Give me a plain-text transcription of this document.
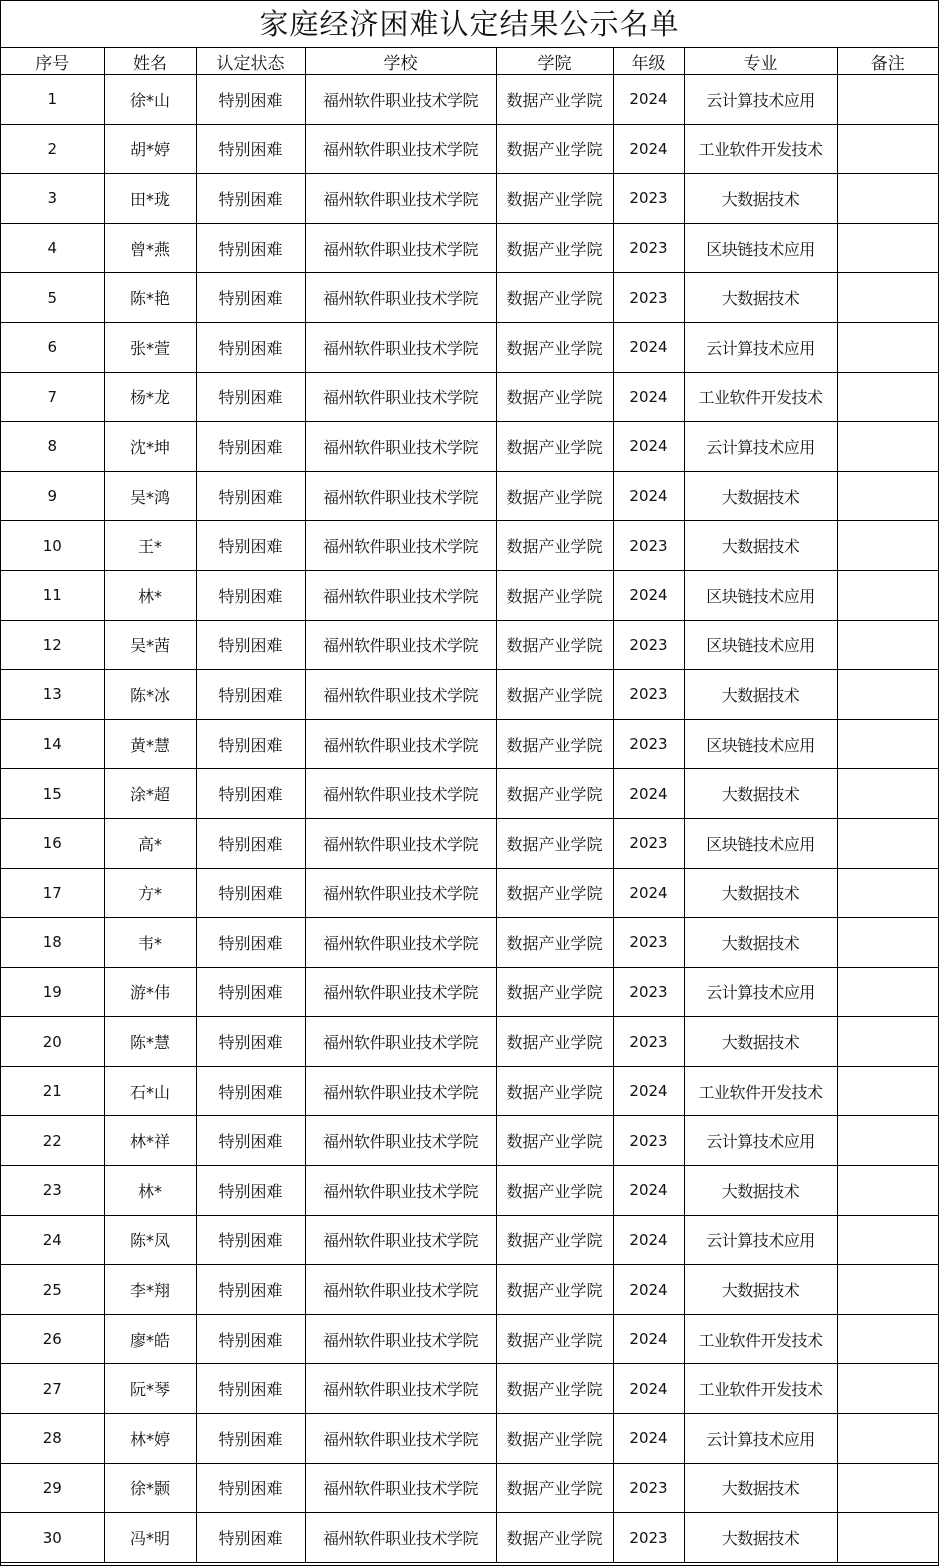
家庭经济困难认定结果公示名单
序号	姓名	认定状态	学校	学院	年级	专业	备注
1	徐*山	特别困难	福州软件职业技术学院	数据产业学院	2024	云计算技术应用	
2	胡*婷	特别困难	福州软件职业技术学院	数据产业学院	2024	工业软件开发技术	
3	田*珑	特别困难	福州软件职业技术学院	数据产业学院	2023	大数据技术	
4	曾*燕	特别困难	福州软件职业技术学院	数据产业学院	2023	区块链技术应用	
5	陈*艳	特别困难	福州软件职业技术学院	数据产业学院	2023	大数据技术	
6	张*萱	特别困难	福州软件职业技术学院	数据产业学院	2024	云计算技术应用	
7	杨*龙	特别困难	福州软件职业技术学院	数据产业学院	2024	工业软件开发技术	
8	沈*坤	特别困难	福州软件职业技术学院	数据产业学院	2024	云计算技术应用	
9	吴*鸿	特别困难	福州软件职业技术学院	数据产业学院	2024	大数据技术	
10	王*	特别困难	福州软件职业技术学院	数据产业学院	2023	大数据技术	
11	林*	特别困难	福州软件职业技术学院	数据产业学院	2024	区块链技术应用	
12	吴*茜	特别困难	福州软件职业技术学院	数据产业学院	2023	区块链技术应用	
13	陈*冰	特别困难	福州软件职业技术学院	数据产业学院	2023	大数据技术	
14	黄*慧	特别困难	福州软件职业技术学院	数据产业学院	2023	区块链技术应用	
15	涂*超	特别困难	福州软件职业技术学院	数据产业学院	2024	大数据技术	
16	高*	特别困难	福州软件职业技术学院	数据产业学院	2023	区块链技术应用	
17	方*	特别困难	福州软件职业技术学院	数据产业学院	2024	大数据技术	
18	韦*	特别困难	福州软件职业技术学院	数据产业学院	2023	大数据技术	
19	游*伟	特别困难	福州软件职业技术学院	数据产业学院	2023	云计算技术应用	
20	陈*慧	特别困难	福州软件职业技术学院	数据产业学院	2023	大数据技术	
21	石*山	特别困难	福州软件职业技术学院	数据产业学院	2024	工业软件开发技术	
22	林*祥	特别困难	福州软件职业技术学院	数据产业学院	2023	云计算技术应用	
23	林*	特别困难	福州软件职业技术学院	数据产业学院	2024	大数据技术	
24	陈*凤	特别困难	福州软件职业技术学院	数据产业学院	2024	云计算技术应用	
25	李*翔	特别困难	福州软件职业技术学院	数据产业学院	2024	大数据技术	
26	廖*皓	特别困难	福州软件职业技术学院	数据产业学院	2024	工业软件开发技术	
27	阮*琴	特别困难	福州软件职业技术学院	数据产业学院	2024	工业软件开发技术	
28	林*婷	特别困难	福州软件职业技术学院	数据产业学院	2024	云计算技术应用	
29	徐*颢	特别困难	福州软件职业技术学院	数据产业学院	2023	大数据技术	
30	冯*明	特别困难	福州软件职业技术学院	数据产业学院	2023	大数据技术	
